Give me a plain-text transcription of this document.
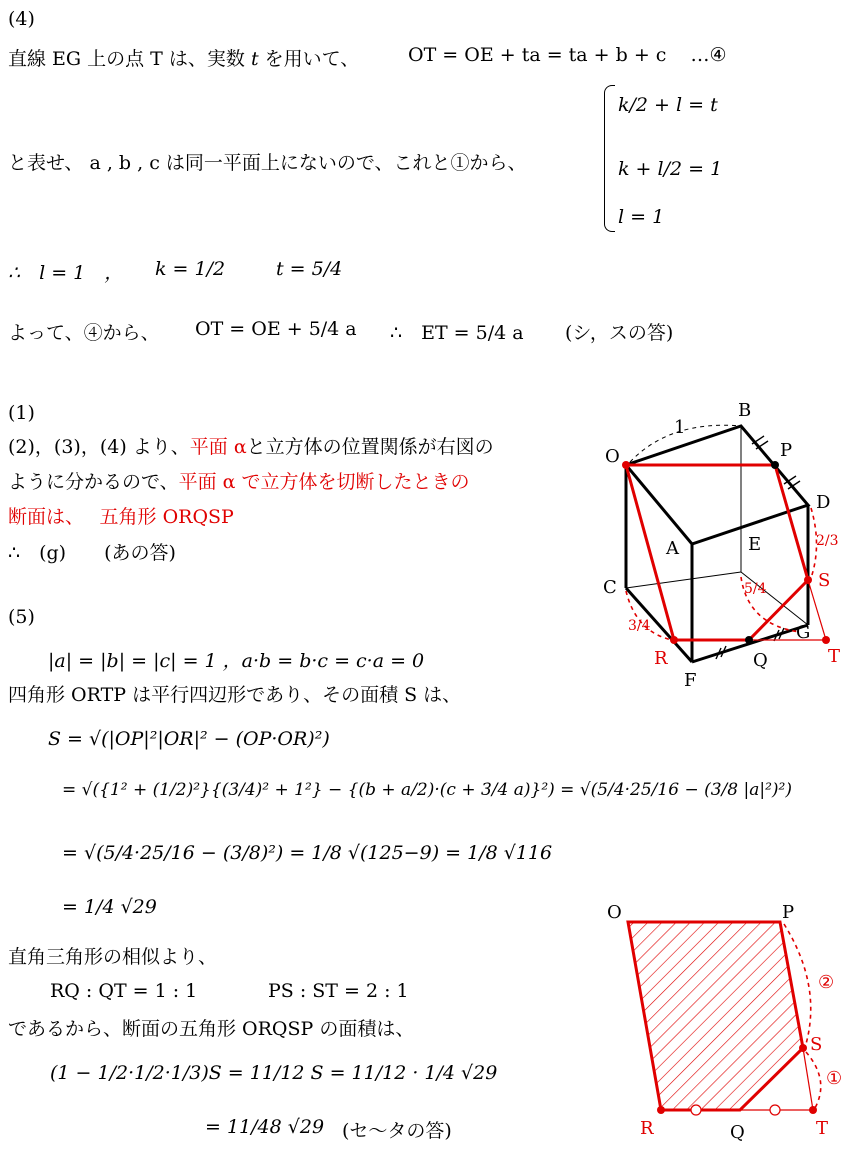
(4)
直線 EG 上の点 T は、実数 t を用いて、	OT = OE + ta = ta + b + c …④
と表せ、 a , b , c は同一平面上にないので、これと①から、
k/2 + l = t
k + l/2 = 1
l = 1
∴　l = 1　， k = 1/2	t = 5/4
よって、④から、 OT = OE + 5/4 a ∴　ET = 5/4 a (シ，スの答)
(1)
(2)，(3)，(4) より、平面 αと立方体の位置関係が右図の
ように分かるので、平面 α で立方体を切断したときの
断面は、　 五角形 ORQSP
∴　(g)　　(あの答)
(5)
|a| = |b| = |c| = 1 ，a·b = b·c = c·a = 0
四角形 ORTP は平行四辺形であり、その面積 S は、
S = √(|OP|²|OR|² − (OP·OR)²)
= √({1² + (1/2)²}{(3/4)² + 1²} − {(b + a/2)·(c + 3/4 a)}²) = √(5/4·25/16 − (3/8 |a|²)²)
= √(5/4·25/16 − (3/8)²) = 1/8 √(125−9) = 1/8 √116
= 1/4 √29
直角三角形の相似より、
RQ : QT = 1 : 1	PS : ST = 2 : 1
であるから、断面の五角形 ORQSP の面積は、
(1 − 1/2·1/2·1/3)S = 11/12 S = 11/12 · 1/4 √29
= 11/48 √29 (セ～タの答)
B
P
O
D
A	E
C	S
G
T
R	Q
F
1
2/3
5/4
3/4
O	P
S
R	Q	T
②
①
